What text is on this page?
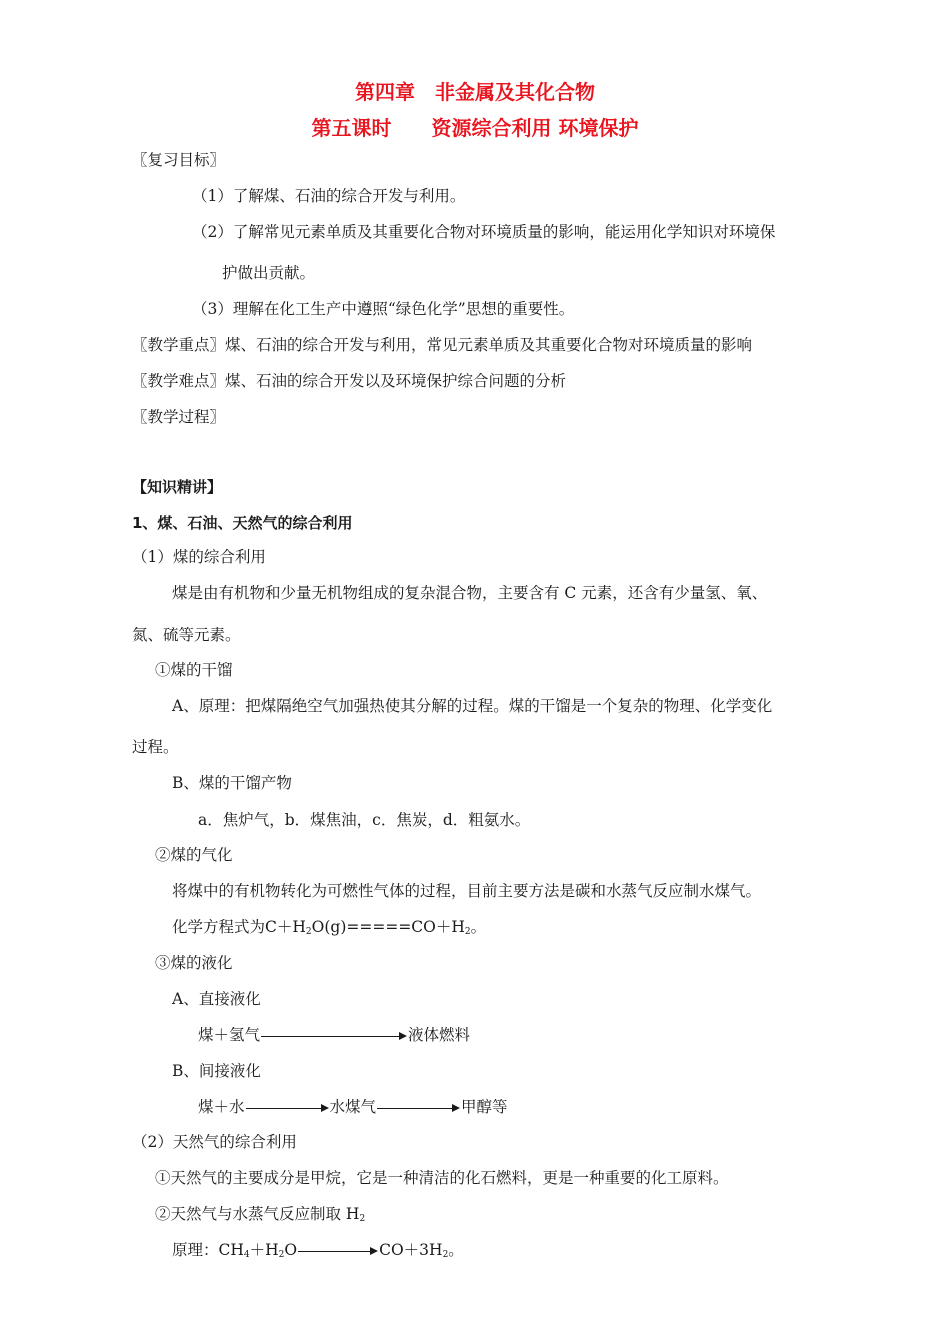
第四章　非金属及其化合物
第五课时　　资源综合利用 环境保护
〖复习目标〗
（1）了解煤、石油的综合开发与利用。
（2）了解常见元素单质及其重要化合物对环境质量的影响，能运用化学知识对环境保
护做出贡献。
（3）理解在化工生产中遵照“绿色化学”思想的重要性。
〖教学重点〗煤、石油的综合开发与利用，常见元素单质及其重要化合物对环境质量的影响
〖教学难点〗煤、石油的综合开发以及环境保护综合问题的分析
〖教学过程〗
【知识精讲】
1、煤、石油、天然气的综合利用
（1）煤的综合利用
煤是由有机物和少量无机物组成的复杂混合物，主要含有 C 元素，还含有少量氢、氧、
氮、硫等元素。
①煤的干馏
A、原理：把煤隔绝空气加强热使其分解的过程。煤的干馏是一个复杂的物理、化学变化
过程。
B、煤的干馏产物
a．焦炉气，b．煤焦油，c．焦炭，d．粗氨水。
②煤的气化
将煤中的有机物转化为可燃性气体的过程，目前主要方法是碳和水蒸气反应制水煤气。
化学方程式为$C+H_2O(g)=====CO+H_2$。
③煤的液化
A、直接液化
煤＋氢气	液体燃料
B、间接液化
煤＋水	水煤气	甲醇等
（2）天然气的综合利用
①天然气的主要成分是甲烷，它是一种清洁的化石燃料，更是一种重要的化工原料。
②天然气与水蒸气反应制取 $H_2$
原理：$CH_4+H_2O$	$CO+3H_2$。
